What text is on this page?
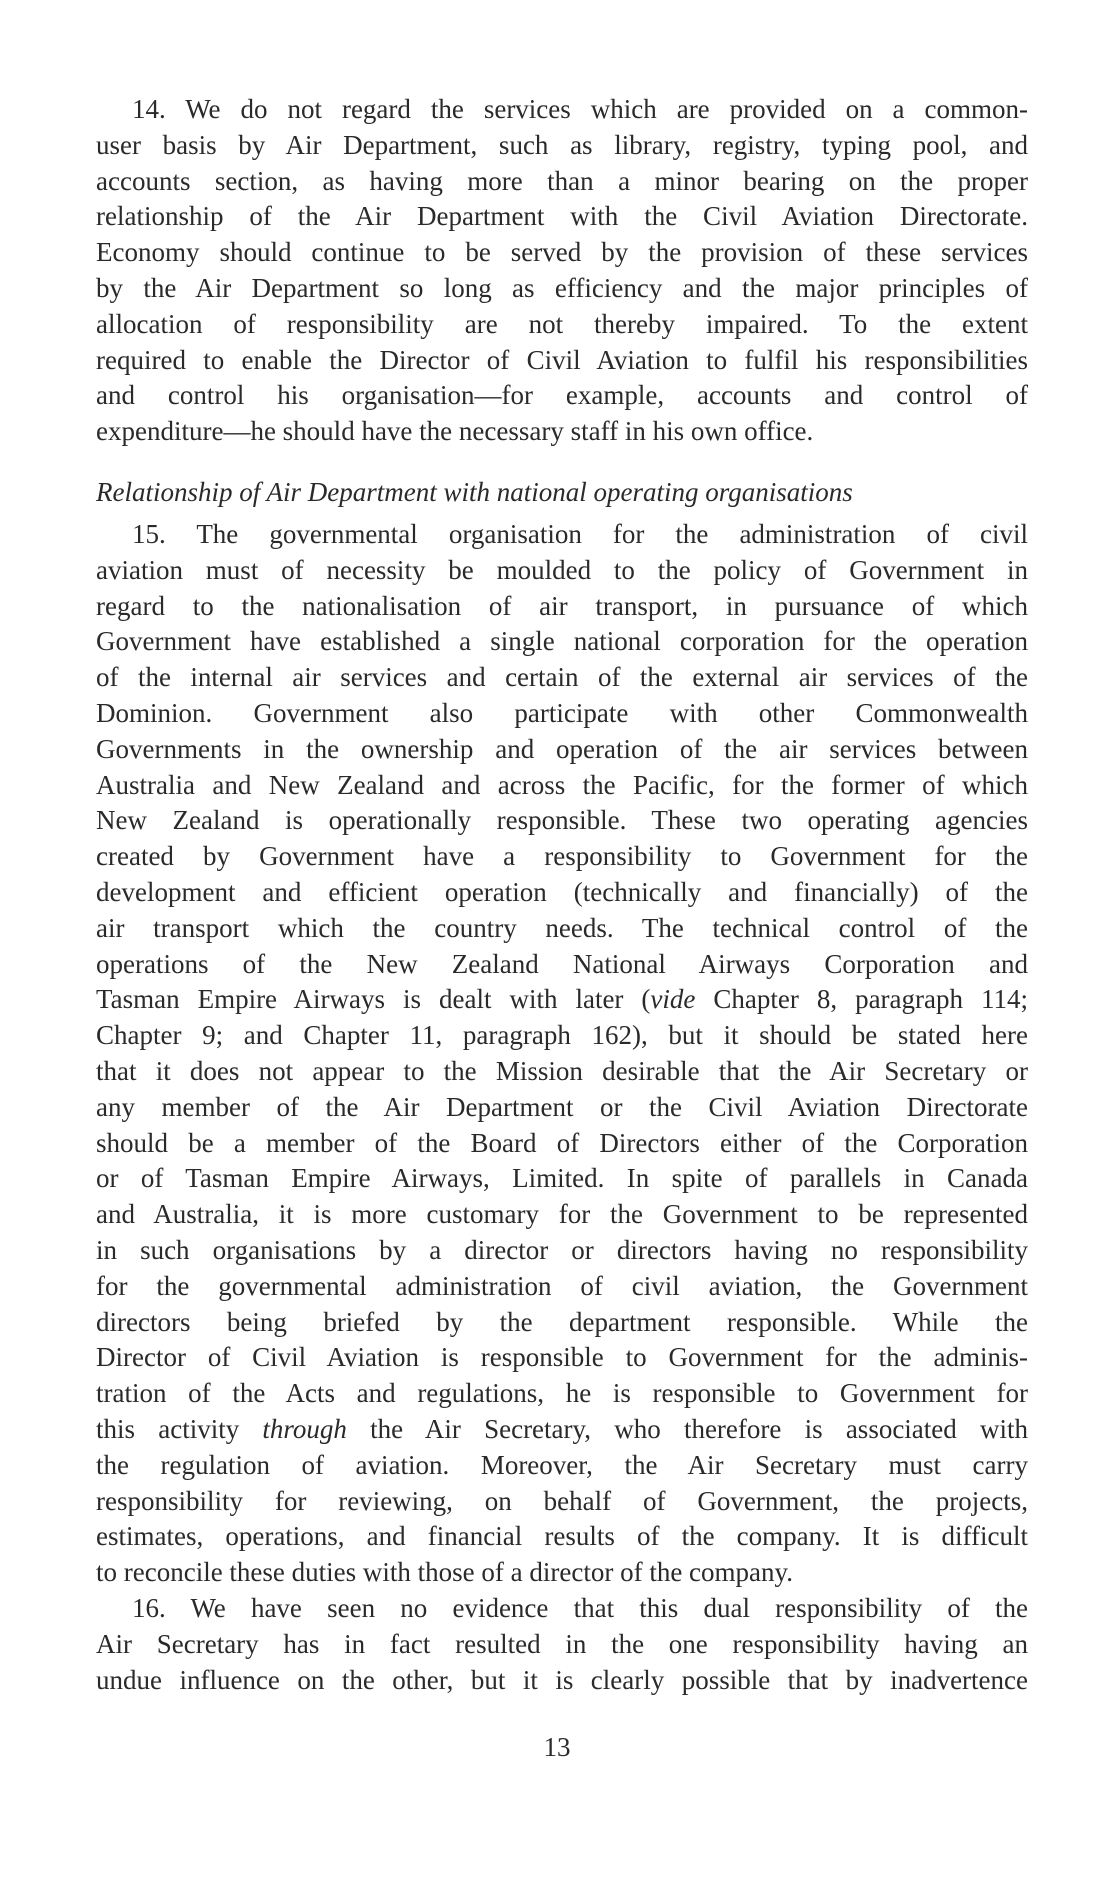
14. We do not regard the services which are provided on a common-
user basis by Air Department, such as library, registry, typing pool, and
accounts section, as having more than a minor bearing on the proper
relationship of the Air Department with the Civil Aviation Directorate.
Economy should continue to be served by the provision of these services
by the Air Department so long as efficiency and the major principles of
allocation of responsibility are not thereby impaired. To the extent
required to enable the Director of Civil Aviation to fulfil his responsibilities
and control his organisation—for example, accounts and control of
expenditure—he should have the necessary staff in his own office.
Relationship of Air Department with national operating organisations
15. The governmental organisation for the administration of civil
aviation must of necessity be moulded to the policy of Government in
regard to the nationalisation of air transport, in pursuance of which
Government have established a single national corporation for the operation
of the internal air services and certain of the external air services of the
Dominion. Government also participate with other Commonwealth
Governments in the ownership and operation of the air services between
Australia and New Zealand and across the Pacific, for the former of which
New Zealand is operationally responsible. These two operating agencies
created by Government have a responsibility to Government for the
development and efficient operation (technically and financially) of the
air transport which the country needs. The technical control of the
operations of the New Zealand National Airways Corporation and
Tasman Empire Airways is dealt with later (vide Chapter 8, paragraph 114;
Chapter 9; and Chapter 11, paragraph 162), but it should be stated here
that it does not appear to the Mission desirable that the Air Secretary or
any member of the Air Department or the Civil Aviation Directorate
should be a member of the Board of Directors either of the Corporation
or of Tasman Empire Airways, Limited. In spite of parallels in Canada
and Australia, it is more customary for the Government to be represented
in such organisations by a director or directors having no responsibility
for the governmental administration of civil aviation, the Government
directors being briefed by the department responsible. While the
Director of Civil Aviation is responsible to Government for the adminis-
tration of the Acts and regulations, he is responsible to Government for
this activity through the Air Secretary, who therefore is associated with
the regulation of aviation. Moreover, the Air Secretary must carry
responsibility for reviewing, on behalf of Government, the projects,
estimates, operations, and financial results of the company. It is difficult
to reconcile these duties with those of a director of the company.
16. We have seen no evidence that this dual responsibility of the
Air Secretary has in fact resulted in the one responsibility having an
undue influence on the other, but it is clearly possible that by inadvertence
13
